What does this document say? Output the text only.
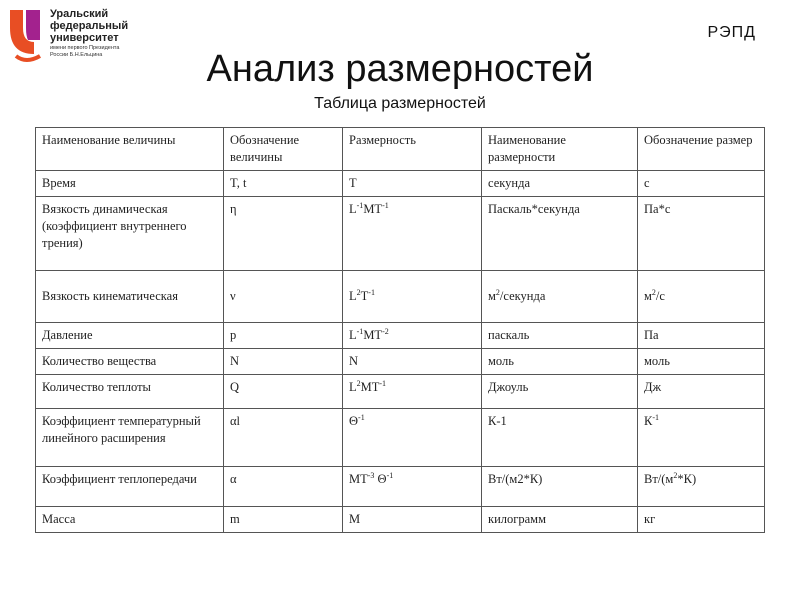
Уральский
федеральный
университет
имени первого Президента
России Б.Н.Ельцина
РЭПД
Анализ размерностей
Таблица размерностей
Наименование величины	Обозначение величины	Размерность	Наименование размерности	Обозначение размер
Время	T, t	T	секунда	с
Вязкость динамическая (коэффициент внутреннего трения)	η	$L^{-1}MT^{-1}$	Паскаль*секунда	Па*с
Вязкость кинематическая	ν	$L^2T^{-1}$	$м^2$/секунда	$м^2/с$
Давление	p	$L^{-1}MT^{-2}$	паскаль	Па
Количество вещества	N	N	моль	моль
Количество теплоты	Q	$L^2MT^{-1}$	Джоуль	Дж
Коэффициент температурный линейного расширения	αl	$\Theta^{-1}$	К-1	$К^{-1}$
Коэффициент теплопередачи	α	$MT^{-3}$ $\Theta^{-1}$	Вт/(м2*К)	$Вт/(м^2*К)$
Масса	m	M	килограмм	кг
